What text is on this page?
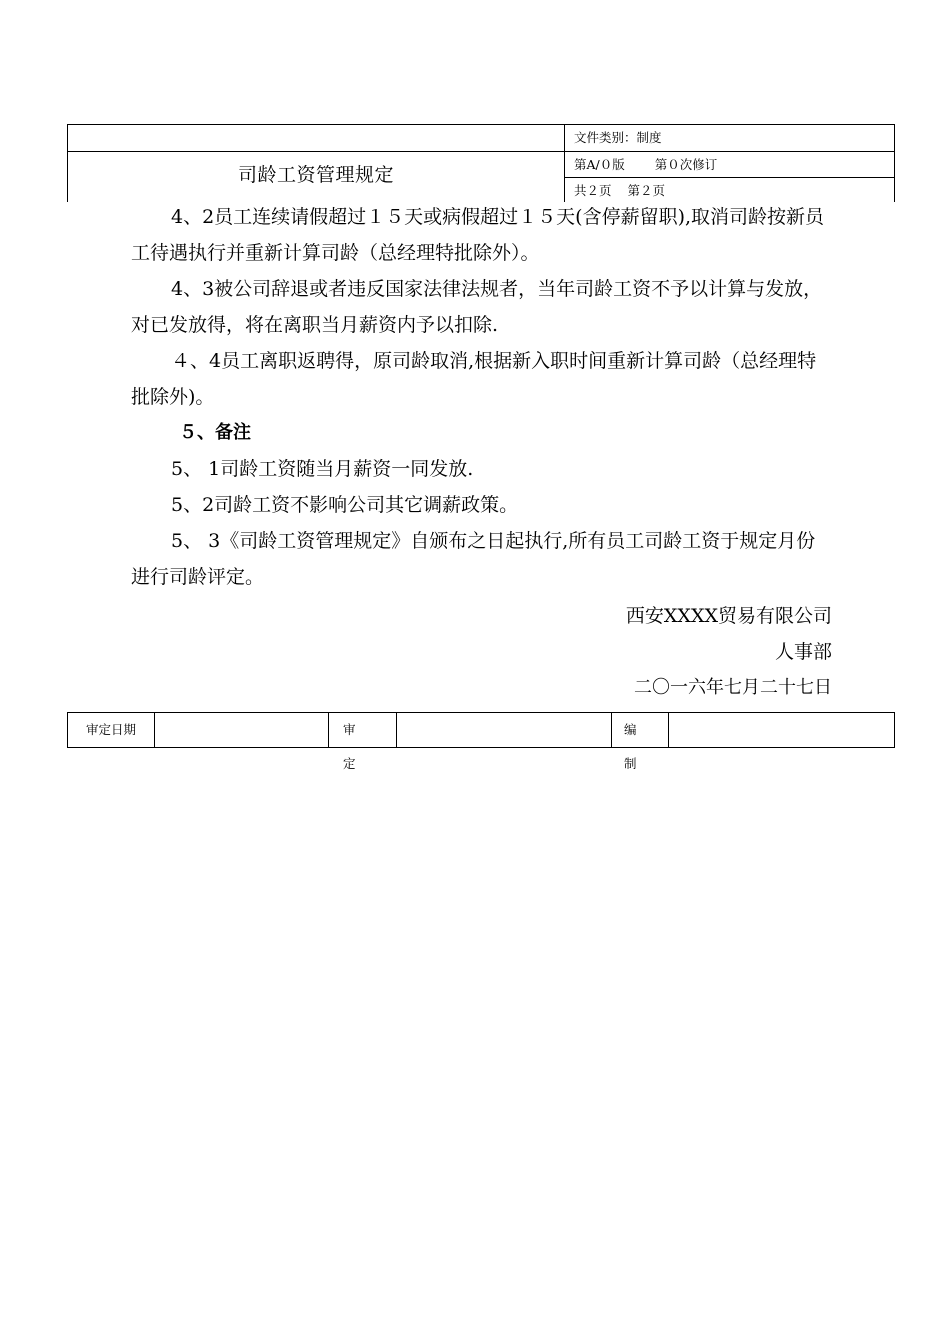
司龄工资管理规定
文件类别：制度
第A/０版 第０次修订
共２页 第２页

4、2员工连续请假超过１５天或病假超过１５天(含停薪留职),取消司龄按新员工待遇执行并重新计算司龄（总经理特批除外）。

4、3被公司辞退或者违反国家法律法规者，当年司龄工资不予以计算与发放，对已发放得，将在离职当月薪资内予以扣除.

４、4员工离职返聘得，原司龄取消,根据新入职时间重新计算司龄（总经理特批除外)。

５、备注

5、 1司龄工资随当月薪资一同发放.

5、2司龄工资不影响公司其它调薪政策。

5、 3《司龄工资管理规定》自颁布之日起执行,所有员工司龄工资于规定月份进行司龄评定。

西安XXXX贸易有限公司
人事部
二〇一六年七月二十七日
审定日期	审 定
编 制
